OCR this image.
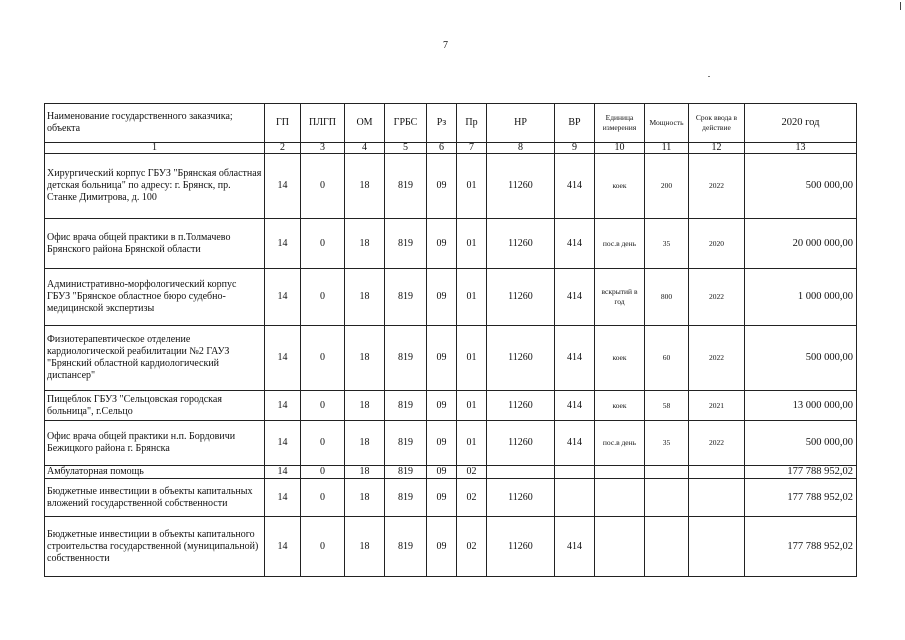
7
Наименование государственного заказчика; объекта	ГП	ПЛГП	ОМ	ГРБС	Рз	Пр	НР	ВР	Единица измерения	Мощность	Срок ввода в действие	2020 год
1	2	3	4	5	6	7	8	9	10	11	12	13
Хирургический корпус ГБУЗ "Брянская областная детская больница" по адресу: г. Брянск, пр. Станке Димитрова, д. 100	14	0	18	819	09	01	11260	414	коек	200	2022	500 000,00
Офис врача общей практики в п.Толмачево Брянского района Брянской области	14	0	18	819	09	01	11260	414	пос.в день	35	2020	20 000 000,00
Административно-морфологический корпус ГБУЗ "Брянское областное бюро судебно-медицинской экспертизы	14	0	18	819	09	01	11260	414	вскрытий в год	800	2022	1 000 000,00
Физиотерапевтическое отделение кардиологической реабилитации №2 ГАУЗ "Брянский областной кардиологический диспансер"	14	0	18	819	09	01	11260	414	коек	60	2022	500 000,00
Пищеблок ГБУЗ "Сельцовская городская больница", г.Сельцо	14	0	18	819	09	01	11260	414	коек	58	2021	13 000 000,00
Офис врача общей практики н.п. Бордовичи Бежицкого района г. Брянска	14	0	18	819	09	01	11260	414	пос.в день	35	2022	500 000,00
Амбулаторная помощь	14	0	18	819	09	02						177 788 952,02
Бюджетные инвестиции в объекты капитальных вложений государственной собственности	14	0	18	819	09	02	11260					177 788 952,02
Бюджетные инвестиции в объекты капитального строительства государственной (муниципальной) собственности	14	0	18	819	09	02	11260	414				177 788 952,02
